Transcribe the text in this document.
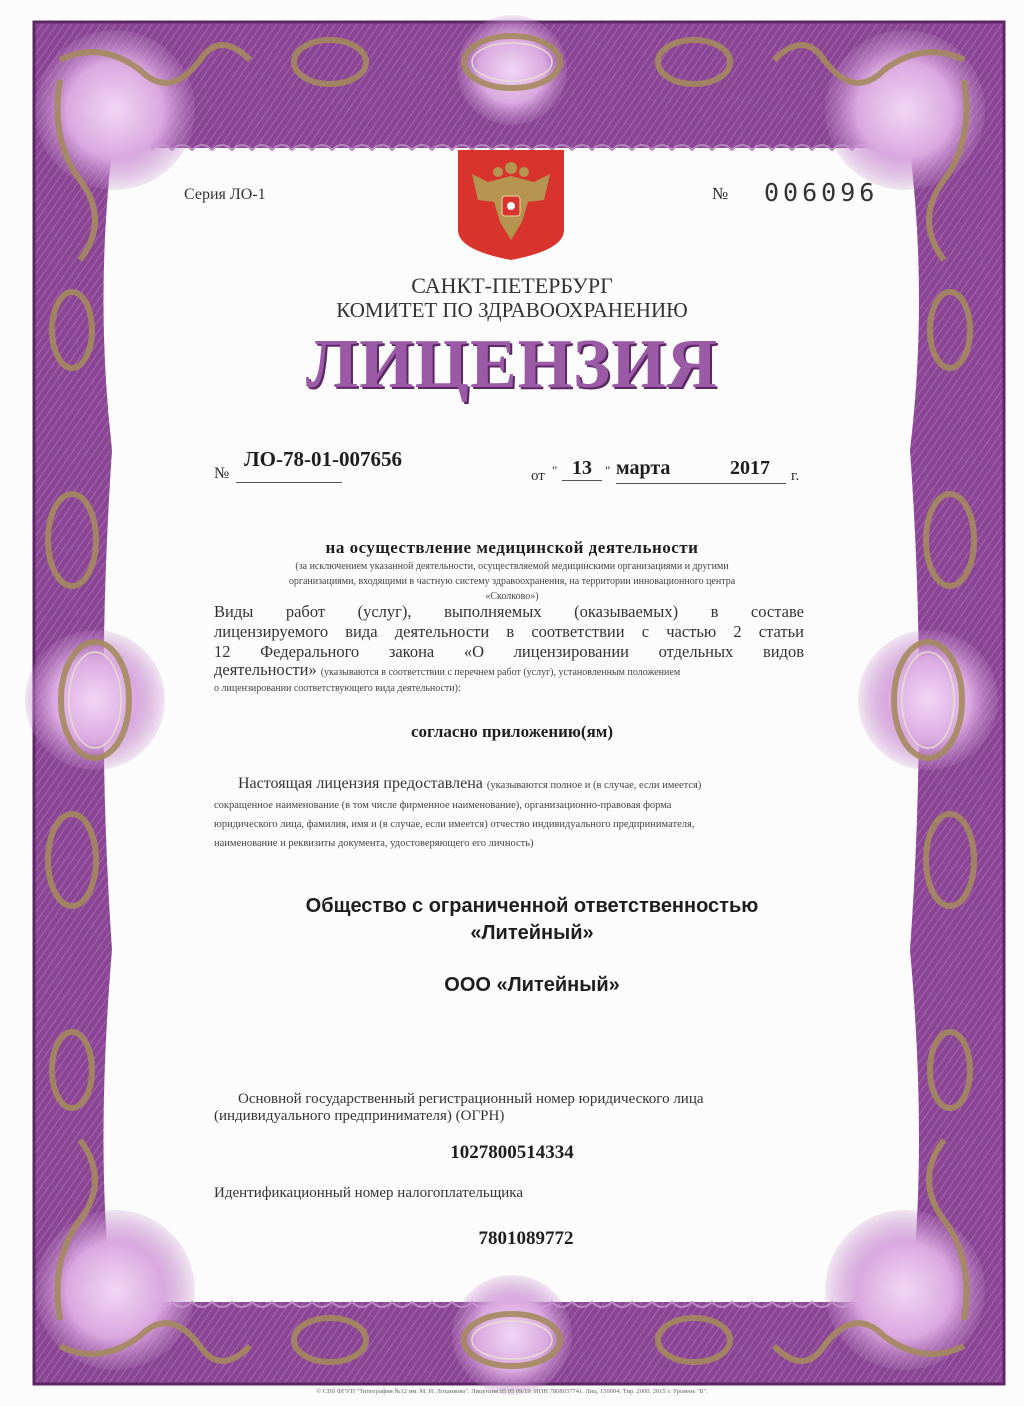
Серия ЛО-1	№ 006096
САНКТ-ПЕТЕРБУРГ
КОМИТЕТ ПО ЗДРАВООХРАНЕНИЮ
ЛИЦЕНЗИЯ
№
ЛО-78-01-007656
от " 13	" марта	2017 г.
на осуществление медицинской деятельности
(за исключением указанной деятельности, осуществляемой медицинскими организациями и другими
организациями, входящими в частную систему здравоохранения, на территории инновационного центра
«Сколково»)
Виды работ (услуг), выполняемых (оказываемых) в составе
лицензируемого вида деятельности в соответствии с частью 2 статьи
12 Федерального закона «О лицензировании отдельных видов
деятельности» (указываются в соответствии с перечнем работ (услуг), установленным положением
о лицензировании соответствующего вида деятельности):
согласно приложению(ям)
Настоящая лицензия предоставлена (указываются полное и (в случае, если имеется)
сокращенное наименование (в том числе фирменное наименование), организационно-правовая форма
юридического лица, фамилия, имя и (в случае, если имеется) отчество индивидуального предпринимателя,
наименование и реквизиты документа, удостоверяющего его личность)
Общество с ограниченной ответственностью
«Литейный»
ООО «Литейный»
Основной государственный регистрационный номер юридического лица
(индивидуального предпринимателя) (ОГРН)
1027800514334
Идентификационный номер налогоплательщика
7801089772
© СПб ФГУП "Типография №12 им. М. И. Лоханкова". Лицензия 05 05 09/19. ИНН 7808037741. Лиц. 150004. Тир. 2000. 2015 г. Уровень "Б".
